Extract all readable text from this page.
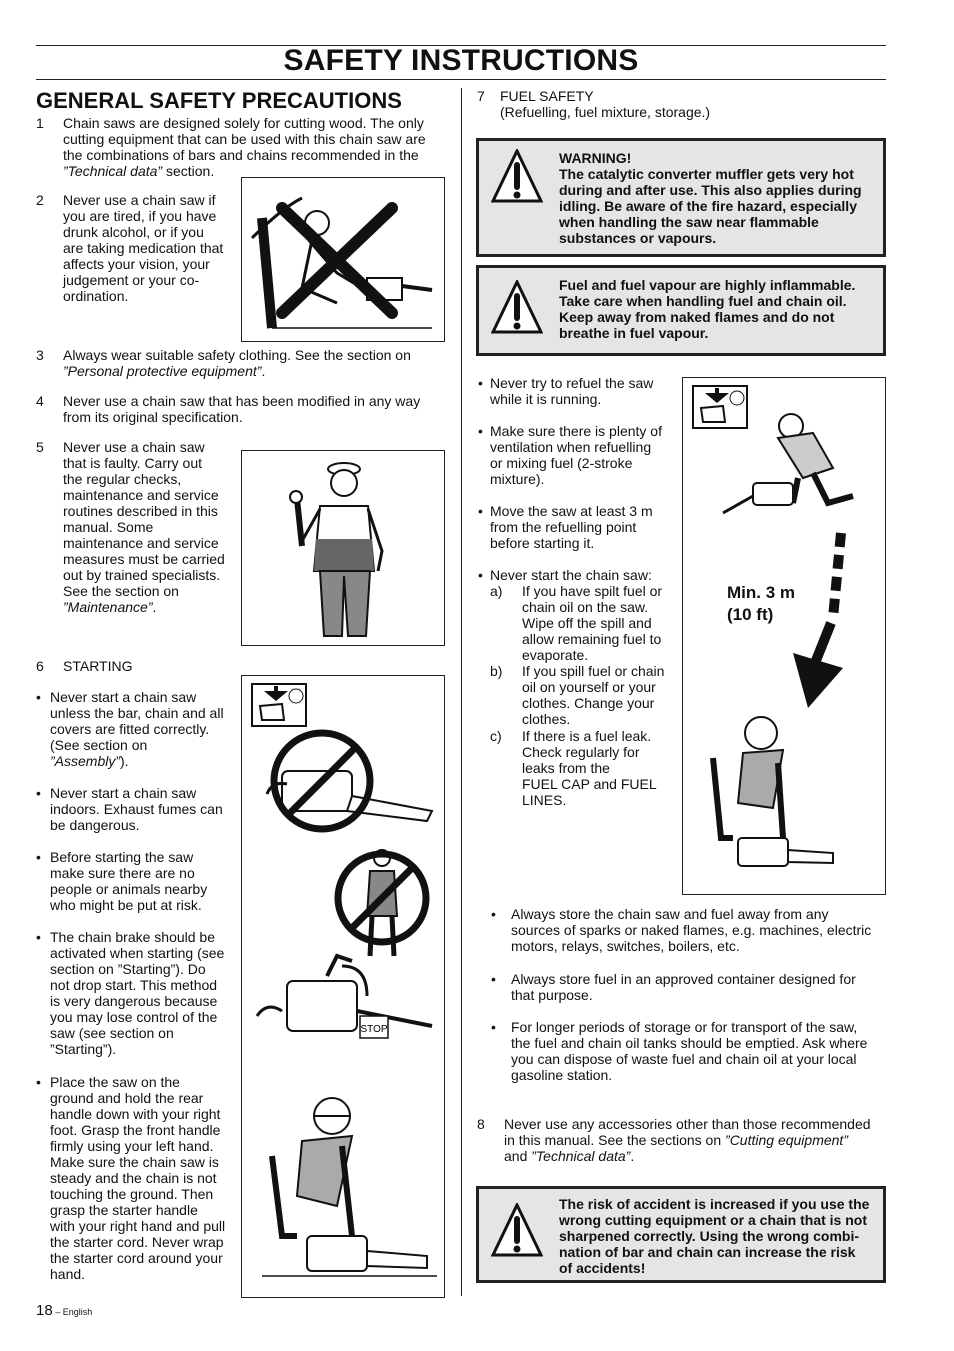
SAFETY INSTRUCTIONS
GENERAL SAFETY PRECAUTIONS
1 Chain saws are designed solely for cutting wood. The only
cutting equipment that can be used with this chain saw are
the combinations of bars and chains recommended in the
”Technical data” section.
2 Never use a chain saw if
you are tired, if you have
drunk alcohol, or if you
are taking medication that
affects your vision, your
judgement or your co-
ordination.
3 Always wear suitable safety clothing. See the section on
”Personal protective equipment”.
4 Never use a chain saw that has been modified in any way
from its original specification.
5 Never use a chain saw
that is faulty. Carry out
the regular checks,
maintenance and service
routines described in this
manual. Some
maintenance and service
measures must be carried
out by trained specialists.
See the section on
”Maintenance”.
6 STARTING
• Never start a chain saw
unless the bar, chain and all
covers are fitted correctly.
(See section on
”Assembly”).
• Never start a chain saw
indoors. Exhaust fumes can
be dangerous.
• Before starting the saw
make sure there are no
people or animals nearby
who might be put at risk.
• The chain brake should be
activated when starting (see
section on ”Starting”). Do
not drop start. This method
is very dangerous because
you may lose control of the
saw (see section on
”Starting”).
• Place the saw on the
ground and hold the rear
handle down with your right
foot. Grasp the front handle
firmly using your left hand.
Make sure the chain saw is
steady and the chain is not
touching the ground. Then
grasp the starter handle
with your right hand and pull
the starter cord. Never wrap
the starter cord around your
hand.
STOP
7 FUEL SAFETY
(Refuelling, fuel mixture, storage.)
WARNING!
The catalytic converter muffler gets very hot
during and after use. This also applies during
idling. Be aware of the fire hazard, especially
when handling the saw near flammable
substances or vapours.
Fuel and fuel vapour are highly inflammable.
Take care when handling fuel and chain oil.
Keep away from naked flames and do not
breathe in fuel vapour.
• Never try to refuel the saw
while it is running.
• Make sure there is plenty of
ventilation when refuelling
or mixing fuel (2-stroke
mixture).
• Move the saw at least 3 m
from the refuelling point
before starting it.
• Never start the chain saw:
a) If you have spilt fuel or
chain oil on the saw.
Wipe off the spill and
allow remaining fuel to
evaporate.
b) If you spill fuel or chain
oil on yourself or your
clothes. Change your
clothes.
c) If there is a fuel leak.
Check regularly for
leaks from the
FUEL CAP and FUEL
LINES.
Min. 3 m
(10 ft)
• Always store the chain saw and fuel away from any
sources of sparks or naked flames, e.g. machines, electric
motors, relays, switches, boilers, etc.
• Always store fuel in an approved container designed for
that purpose.
• For longer periods of storage or for transport of the saw,
the fuel and chain oil tanks should be emptied. Ask where
you can dispose of waste fuel and chain oil at your local
gasoline station.
8 Never use any accessories other than those recommended
in this manual. See the sections on ”Cutting equipment”
and ”Technical data”.
The risk of accident is increased if you use the
wrong cutting equipment or a chain that is not
sharpened correctly. Using the wrong combi-
nation of bar and chain can increase the risk
of accidents!
18 – English
